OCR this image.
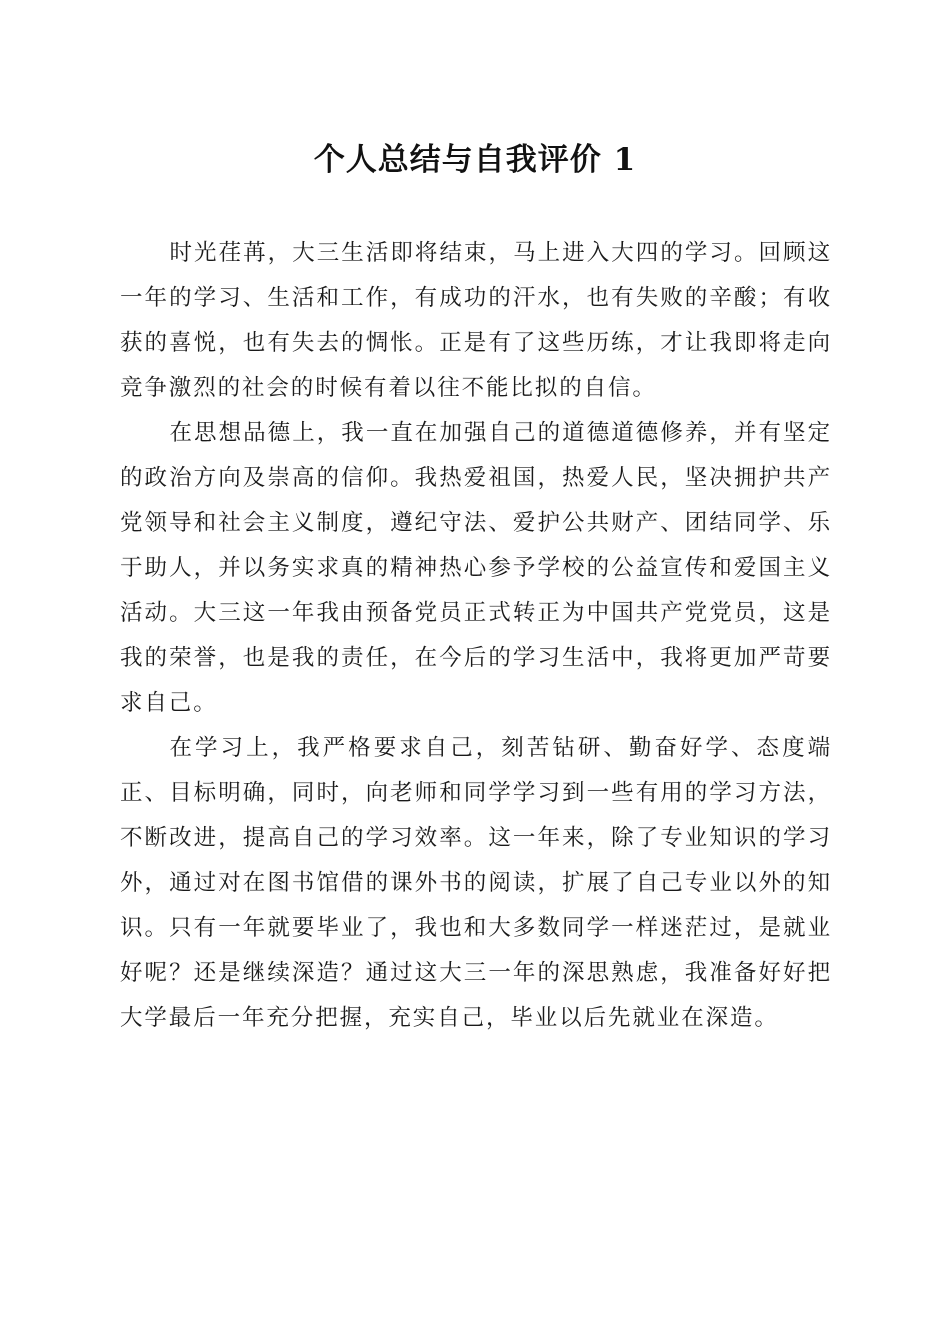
个人总结与自我评价 1

时光荏苒，大三生活即将结束，马上进入大四的学习。回顾这一年的学习、生活和工作，有成功的汗水，也有失败的辛酸；有收获的喜悦，也有失去的惆怅。正是有了这些历练，才让我即将走向竞争激烈的社会的时候有着以往不能比拟的自信。

在思想品德上，我一直在加强自己的道德道德修养，并有坚定的政治方向及崇高的信仰。我热爱祖国，热爱人民，坚决拥护共产党领导和社会主义制度，遵纪守法、爱护公共财产、团结同学、乐于助人，并以务实求真的精神热心参予学校的公益宣传和爱国主义活动。大三这一年我由预备党员正式转正为中国共产党党员，这是我的荣誉，也是我的责任，在今后的学习生活中，我将更加严苛要求自己。

在学习上，我严格要求自己，刻苦钻研、勤奋好学、态度端正、目标明确，同时，向老师和同学学习到一些有用的学习方法，不断改进，提高自己的学习效率。这一年来，除了专业知识的学习外，通过对在图书馆借的课外书的阅读，扩展了自己专业以外的知识。只有一年就要毕业了，我也和大多数同学一样迷茫过，是就业好呢？还是继续深造？通过这大三一年的深思熟虑，我准备好好把大学最后一年充分把握，充实自己，毕业以后先就业在深造。
